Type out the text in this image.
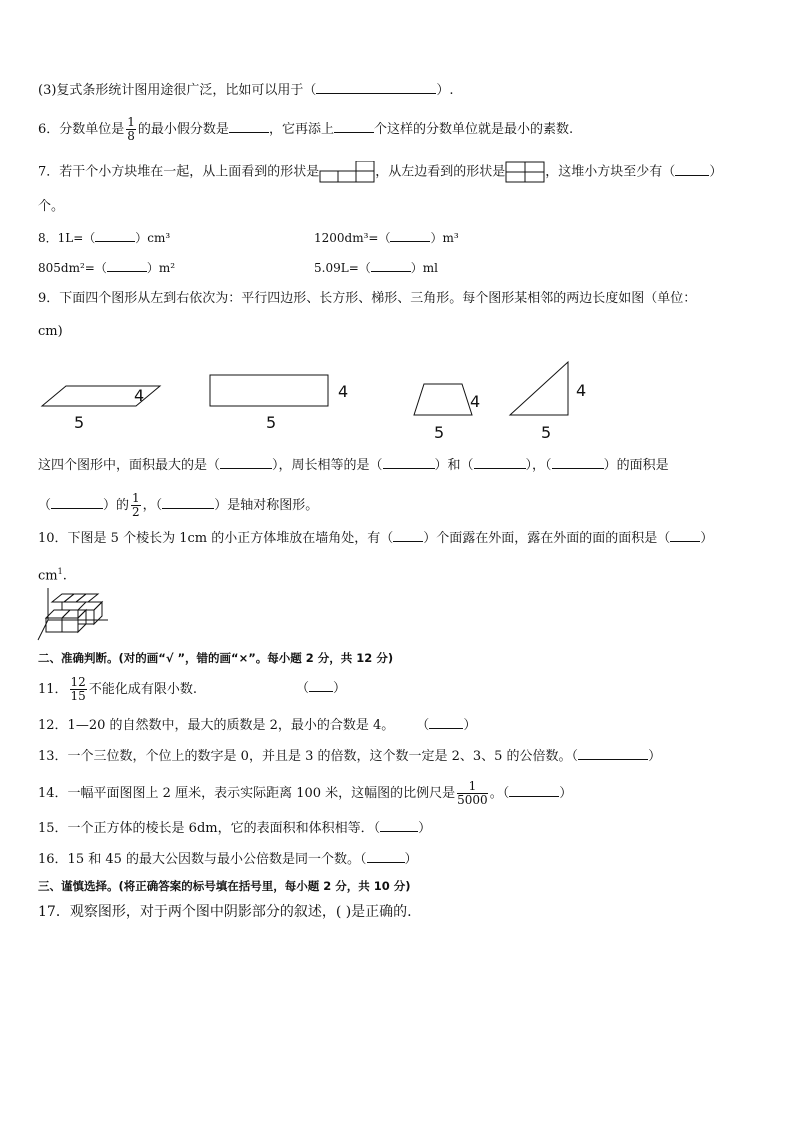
(3)复式条形统计图用途很广泛，比如可以用于（	）.
6．分数单位是 $\frac{1}{8}$ 的最小假分数是	，它再添上	个这样的分数单位就是最小的素数.
7．若干个小方块堆在一起，从上面看到的形状是	，从左边看到的形状是	，这堆小方块至少有（	）
个。
8．1L=（	）cm³	1200dm³=（	）m³
805dm²=（	）m²	5.09L=（	）ml
9．下面四个图形从左到右依次为：平行四边形、长方形、梯形、三角形。每个图形某相邻的两边长度如图（单位：
cm)
4
5
4
5
4
5
4
5
这四个图形中，面积最大的是（	），周长相等的是（	）和（	），（	）的面积是
（	）的 $\frac{1}{2}$ ，（	）是轴对称图形。
10．下图是 5 个棱长为 1cm 的小正方体堆放在墙角处，有（ ）个面露在外面，露在外面的面的面积是（ ）
$cm^1$.
二、准确判断。(对的画“√ ”，错的画“×”。每小题 2 分，共 12 分)
11． $\frac{12}{15}$ 不能化成有限小数.	（ ）
12．1—20 的自然数中，最大的质数是 2，最小的合数是 4。 （	）
13．一个三位数，个位上的数字是 0，并且是 3 的倍数，这个数一定是 2、3、5 的公倍数。（	）
14．一幅平面图图上 2 厘米，表示实际距离 100 米，这幅图的比例尺是 $\frac{1}{5000}$ 。（	）
15．一个正方体的棱长是 6dm，它的表面积和体积相等．（	）
16．15 和 45 的最大公因数与最小公倍数是同一个数。（	）
三、谨慎选择。(将正确答案的标号填在括号里，每小题 2 分，共 10 分)
17．观察图形，对于两个图中阴影部分的叙述，( )是正确的.
